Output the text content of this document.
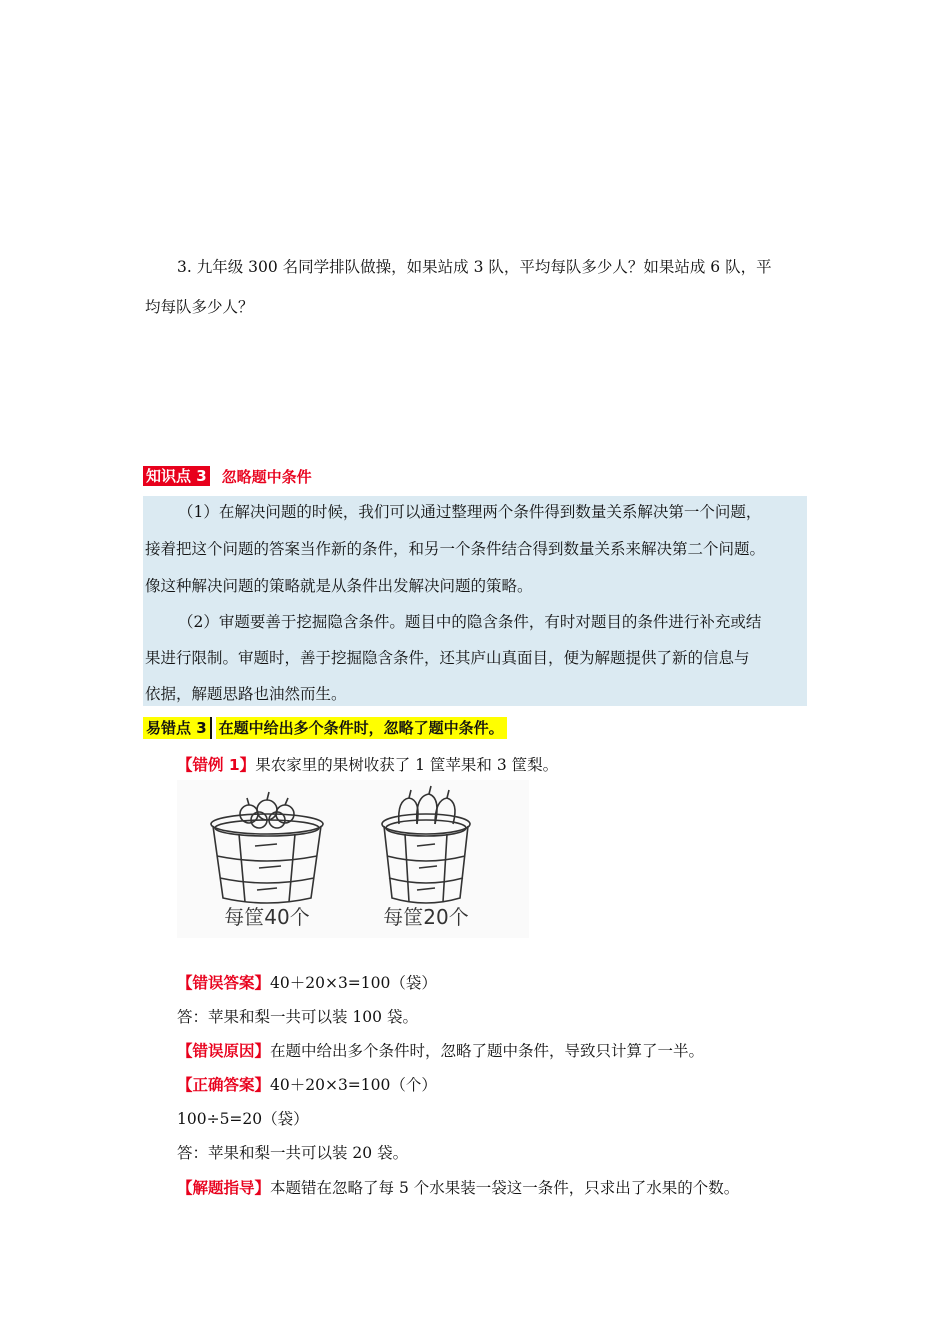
3. 九年级 300 名同学排队做操，如果站成 3 队，平均每队多少人？如果站成 6 队，平
均每队多少人？
知识点 3 忽略题中条件
（1）在解决问题的时候，我们可以通过整理两个条件得到数量关系解决第一个问题，
接着把这个问题的答案当作新的条件，和另一个条件结合得到数量关系来解决第二个问题。
像这种解决问题的策略就是从条件出发解决问题的策略。
（2）审题要善于挖掘隐含条件。题目中的隐含条件，有时对题目的条件进行补充或结
果进行限制。审题时，善于挖掘隐含条件，还其庐山真面目，便为解题提供了新的信息与
依据，解题思路也油然而生。
易错点 3 在题中给出多个条件时，忽略了题中条件。
【错例 1】果农家里的果树收获了 1 筐苹果和 3 筐梨。
每筐40个	每筐20个
【错误答案】40＋20×3=100（袋）
答：苹果和梨一共可以装 100 袋。
【错误原因】在题中给出多个条件时，忽略了题中条件，导致只计算了一半。
【正确答案】40＋20×3=100（个）
100÷5=20（袋）
答：苹果和梨一共可以装 20 袋。
【解题指导】本题错在忽略了每 5 个水果装一袋这一条件，只求出了水果的个数。
